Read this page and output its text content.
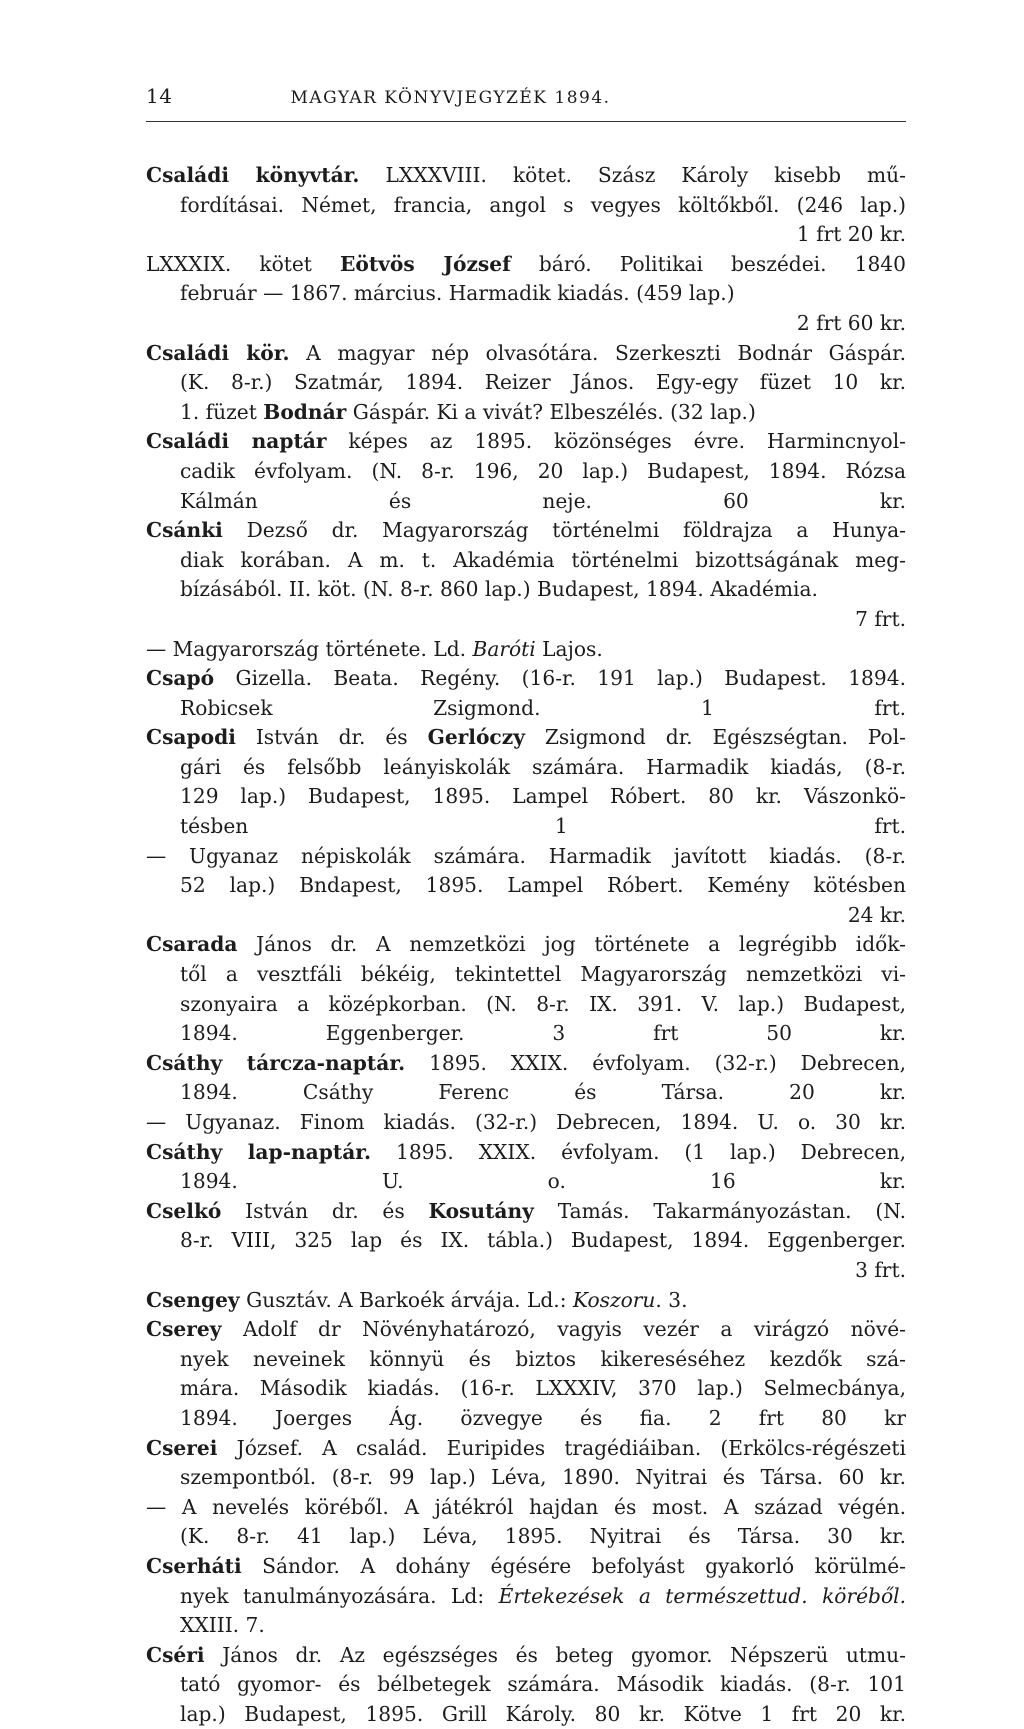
14	MAGYAR KÖNYVJEGYZÉK 1894.
Családi könyvtár. LXXXVIII. kötet. Szász Károly kisebb mű-
fordításai. Német, francia, angol s vegyes költőkből. (246 lap.)
1 frt 20 kr.
LXXXIX. kötet Eötvös József báró. Politikai beszédei. 1840
február — 1867. március. Harmadik kiadás. (459 lap.)
2 frt 60 kr.
Családi kör. A magyar nép olvasótára. Szerkeszti Bodnár Gáspár.
(K. 8-r.) Szatmár, 1894. Reizer János. Egy-egy füzet 10 kr.
1. füzet Bodnár Gáspár. Ki a vivát? Elbeszélés. (32 lap.)
Családi naptár képes az 1895. közönséges évre. Harmincnyol-
cadik évfolyam. (N. 8-r. 196, 20 lap.) Budapest, 1894. Rózsa
Kálmán és neje. 60 kr.
Csánki Dezső dr. Magyarország történelmi földrajza a Hunya-
diak korában. A m. t. Akadémia történelmi bizottságának meg-
bízásából. II. köt. (N. 8-r. 860 lap.) Budapest, 1894. Akadémia.
7 frt.
— Magyarország története. Ld. Baróti Lajos.
Csapó Gizella. Beata. Regény. (16-r. 191 lap.) Budapest. 1894.
Robicsek Zsigmond. 1 frt.
Csapodi István dr. és Gerlóczy Zsigmond dr. Egészségtan. Pol-
gári és felsőbb leányiskolák számára. Harmadik kiadás, (8-r.
129 lap.) Budapest, 1895. Lampel Róbert. 80 kr. Vászonkö-
tésben 1 frt.
— Ugyanaz népiskolák számára. Harmadik javított kiadás. (8-r.
52 lap.) Bndapest, 1895. Lampel Róbert. Kemény kötésben
24 kr.
Csarada János dr. A nemzetközi jog története a legrégibb idők-
től a vesztfáli békéig, tekintettel Magyarország nemzetközi vi-
szonyaira a középkorban. (N. 8-r. IX. 391. V. lap.) Budapest,
1894. Eggenberger. 3 frt 50 kr.
Csáthy tárcza-naptár. 1895. XXIX. évfolyam. (32-r.) Debrecen,
1894. Csáthy Ferenc és Társa. 20 kr.
— Ugyanaz. Finom kiadás. (32-r.) Debrecen, 1894. U. o. 30 kr.
Csáthy lap-naptár. 1895. XXIX. évfolyam. (1 lap.) Debrecen,
1894. U. o. 16 kr.
Cselkó István dr. és Kosutány Tamás. Takarmányozástan. (N.
8-r. VIII, 325 lap és IX. tábla.) Budapest, 1894. Eggenberger.
3 frt.
Csengey Gusztáv. A Barkoék árvája. Ld.: Koszoru. 3.
Cserey Adolf dr Növényhatározó, vagyis vezér a virágzó növé-
nyek neveinek könnyü és biztos kikereséséhez kezdők szá-
mára. Második kiadás. (16-r. LXXXIV, 370 lap.) Selmecbánya,
1894. Joerges Ág. özvegye és fia. 2 frt 80 kr
Cserei József. A család. Euripides tragédiáiban. (Erkölcs-régészeti
szempontból. (8-r. 99 lap.) Léva, 1890. Nyitrai és Társa. 60 kr.
— A nevelés köréből. A játékról hajdan és most. A század végén.
(K. 8-r. 41 lap.) Léva, 1895. Nyitrai és Társa. 30 kr.
Cserháti Sándor. A dohány égésére befolyást gyakorló körülmé-
nyek tanulmányozására. Ld: Értekezések a természettud. köréből.
XXIII. 7.
Cséri János dr. Az egészséges és beteg gyomor. Népszerü utmu-
tató gyomor- és bélbetegek számára. Második kiadás. (8-r. 101
lap.) Budapest, 1895. Grill Károly. 80 kr. Kötve 1 frt 20 kr.
